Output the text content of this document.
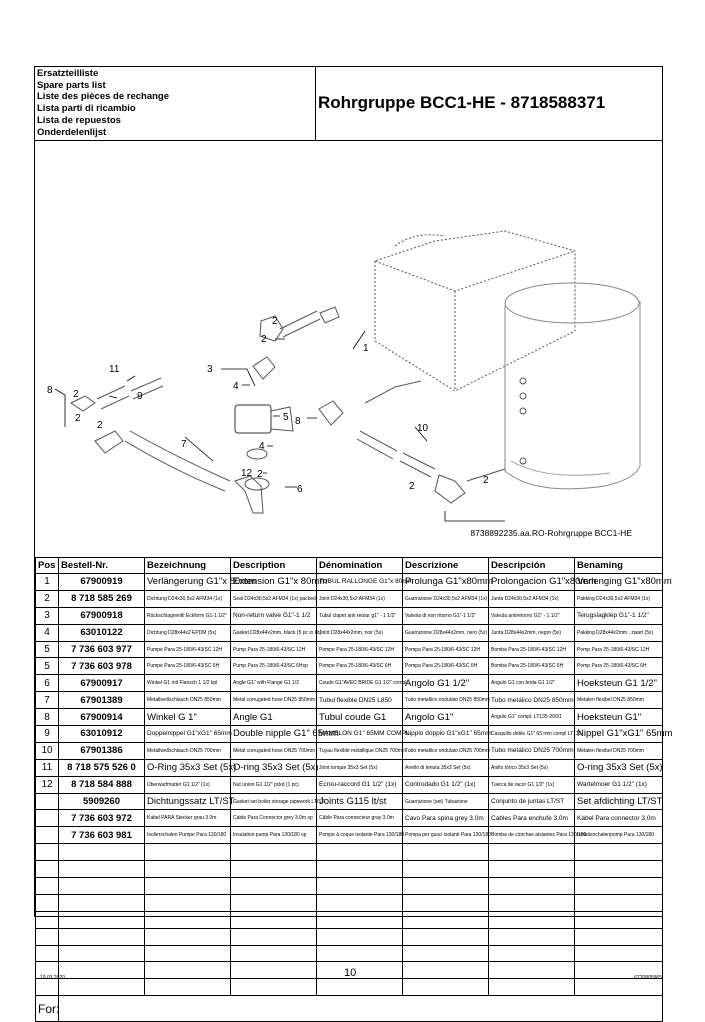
Ersatzteilliste
Spare parts list
Liste des pièces de rechange
Lista parti di ricambio
Lista de repuestos
Onderdelenlijst
Rohrgruppe BCC1-HE - 8718588371
1
2
2
3
4
5
4
2
6
7
8
8
9
10
11
12
2
2
2
2
2
8738892235.aa.RO-Rohrgruppe BCC1-HE
Pos	Bestell-Nr.	Bezeichnung	Description	Dénomination	Descrizione	Descripción	Benaming
1	67900919	Verlängerung G1"x 80mm	Extension G1"x 80mm	TUBUL RALLONGE G1"x 80mm	Prolunga G1"x80mm	Prolongacion G1"x80mm	Verlenging G1"x80mm
2	8 718 585 269	Dichtung D24x30,5x2 AFM34 (1x)	Seal D24x30,5x2 AFM34 (1x) packed	Joint D24x30,5x2 AFM34 (1x)	Guarnizione D24x30,5x2 AFM34 (1x)	Junta D24x30,5x2 AFM34 (1x)	Pakking D24x30,5x2 AFM34 (1x)
3	67900918	Rückschlagventil Eckform G1-1 1/2"	Non-return valve G1"-1 1/2	Tubul clapet anti retour g1" - 1 1/2"	Valvola di non ritorno G1"-1 1/2"	Valvula antiretorno G1" - 1 1/2"	Terugslagklep G1"-1 1/2"
4	63010122	Dichtung D28x44x2 EPDM (5x)	Gasket D28x44x2mm, black (5 pc in kit)	Joint D28x44x2mm, noir (5x)	Guarnizione D28x44x2mm, nero (5x)	Junta D28x44x2mm, negro (5x)	Pakking D28x44x2mm , zwart (5x)
5	7 736 603 977	Pumpe Para 25-180/6-43/SC 12H	Pump Para 25-180/6-43/SC 12H	Pompe Para 25-180/6-43/SC 12H	Pompa Para 25-180/6-43/SC 12H	Bomba Para 25-180/6-43/SC 12H	Pomp Para 25-180/6-43/SC 12H
5	7 736 603 978	Pumpe Para 25-180/6-43/SC 6H	Pump Para 25-180/6-43/SC 6Hsp	Pompe Para 25-180/6-43/SC 6H	Pompa Para 25-180/6-43/SC 6H	Bomba Para 25-180/6-43/SC 6H	Pomp Para 25-180/6-43/SC 6H
6	67900917	Winkel G1 mit Flansch 1 1/2 kpl	Angle G1" with Flange G1 1/2	Coude G1"AVEC BRIDE G1 1/2" compl.	Angolo G1 1/2"	Angulo G1 con brida G1 1/2"	Hoeksteun G1 1/2"
7	67901389	Metallwellschlauch DN25 850mm	Metal corrugated hose DN25 850mm	Tubul flexible DN25 L850	Tubo metallico ondulato DN25 850mm	Tubo metálico DN25 850mm	Metalen flexibel DN25 850mm
8	67900914	Winkel G 1"	Angle G1	Tubul coude G1	Angolo G1"	Angulo G1" compl. LT135-200/1	Hoeksteun G1"
9	63010912	Doppelnippel G1"xG1" 65mm	Double nipple G1" 65mm	MAMELON G1" 65MM COMPL.	Nipplo doppio G1"xG1" 65mm	Casquillo doble G1" 65 mm compl LT135-	Nippel G1"xG1" 65mm
10	67901386	Metallwellschlauch DN25 700mm	Metal corrugated hose DN25 700mm	Tuyau flexible métallique DN25 700mm	Tubo metallico ondulato DN25 700mm	Tubo metálico DN25 700mm	Metalen flexibel DN25 700mm
11	8 718 575 526 0	O-Ring 35x3 Set (5x)	O-ring 35x3 Set (5x)	Joint torique 35x3 Set (5x)	Anello di tenuta 35x3 Set (5x)	Anillo tórico 35x3 Set (5x)	O-ring 35x3 Set (5x)
12	8 718 584 888	Überwurfmutter G1 1/2" (1x)	Nut union G1 1/2" pckd (1 pc)	Ecrou-raccord G1 1/2" (1x)	Controdado G1 1/2" (1x)	Tuerca de racor G1 1/2" (1x)	Wartelmoer G1 1/2" (1x)
	5909260	Dichtungssatz LT/ST	Gasket set boiler storage pipework LT/ST	Joints G115 lt/st	Guarnizione (set) Tubazione	Conjunto de juntas LT/ST	Set afdichting LT/ST
	7 736 603 972	Kabel PARA Stecker grau 3.0m	Cable Para Connector grey 3.0m sp	Câble Para connecteur gray 3.0m	Cavo Para spina grey 3.0m	Cables Para enchufe 3.0m	Kabel Para connector 3.0m
	7 736 603 981	Isolierschalen Pumpe Para 130/180	Insulation pump Para 130/180 sp	Pompe à coque isolante Para 130/180	Pompa per gusci isolanti Para 130/180	Bomba de conchas aislantes Para 130/180	Isolatieschalenpomp Para 130/180

For:							
19.03.2020	10	6720805965
